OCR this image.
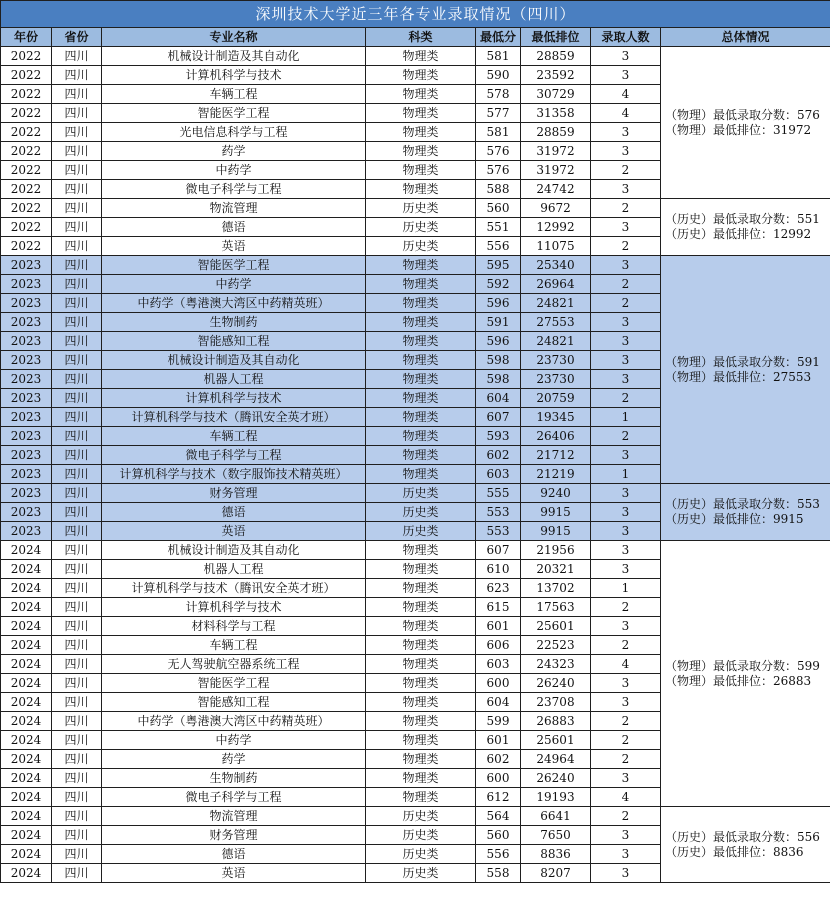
深圳技术大学近三年各专业录取情况（四川）							
年份	省份	专业名称	科类	最低分	最低排位	录取人数	总体情况
2022	四川	机械设计制造及其自动化	物理类	581	28859	3	（物理）最低录取分数：576
（物理）最低排位：31972

2022	四川	计算机科学与技术	物理类	590	23592	3	
2022	四川	车辆工程	物理类	578	30729	4	
2022	四川	智能医学工程	物理类	577	31358	4	
2022	四川	光电信息科学与工程	物理类	581	28859	3	
2022	四川	药学	物理类	576	31972	3	
2022	四川	中药学	物理类	576	31972	2	
2022	四川	微电子科学与工程	物理类	588	24742	3	
2022	四川	物流管理	历史类	560	9672	2	（历史）最低录取分数：551
（历史）最低排位：12992

2022	四川	德语	历史类	551	12992	3	
2022	四川	英语	历史类	556	11075	2	
2023	四川	智能医学工程	物理类	595	25340	3	（物理）最低录取分数：591
（物理）最低排位：27553

2023	四川	中药学	物理类	592	26964	2	
2023	四川	中药学（粤港澳大湾区中药精英班）	物理类	596	24821	2	
2023	四川	生物制药	物理类	591	27553	3	
2023	四川	智能感知工程	物理类	596	24821	3	
2023	四川	机械设计制造及其自动化	物理类	598	23730	3	
2023	四川	机器人工程	物理类	598	23730	3	
2023	四川	计算机科学与技术	物理类	604	20759	2	
2023	四川	计算机科学与技术（腾讯安全英才班）	物理类	607	19345	1	
2023	四川	车辆工程	物理类	593	26406	2	
2023	四川	微电子科学与工程	物理类	602	21712	3	
2023	四川	计算机科学与技术（数字服饰技术精英班）	物理类	603	21219	1	
2023	四川	财务管理	历史类	555	9240	3	（历史）最低录取分数：553
（历史）最低排位：9915

2023	四川	德语	历史类	553	9915	3	
2023	四川	英语	历史类	553	9915	3	
2024	四川	机械设计制造及其自动化	物理类	607	21956	3	（物理）最低录取分数：599
（物理）最低排位：26883

2024	四川	机器人工程	物理类	610	20321	3	
2024	四川	计算机科学与技术（腾讯安全英才班）	物理类	623	13702	1	
2024	四川	计算机科学与技术	物理类	615	17563	2	
2024	四川	材料科学与工程	物理类	601	25601	3	
2024	四川	车辆工程	物理类	606	22523	2	
2024	四川	无人驾驶航空器系统工程	物理类	603	24323	4	
2024	四川	智能医学工程	物理类	600	26240	3	
2024	四川	智能感知工程	物理类	604	23708	3	
2024	四川	中药学（粤港澳大湾区中药精英班）	物理类	599	26883	2	
2024	四川	中药学	物理类	601	25601	2	
2024	四川	药学	物理类	602	24964	2	
2024	四川	生物制药	物理类	600	26240	3	
2024	四川	微电子科学与工程	物理类	612	19193	4	
2024	四川	物流管理	历史类	564	6641	2	（历史）最低录取分数：556
（历史）最低排位：8836

2024	四川	财务管理	历史类	560	7650	3	
2024	四川	德语	历史类	556	8836	3	
2024	四川	英语	历史类	558	8207	3	
